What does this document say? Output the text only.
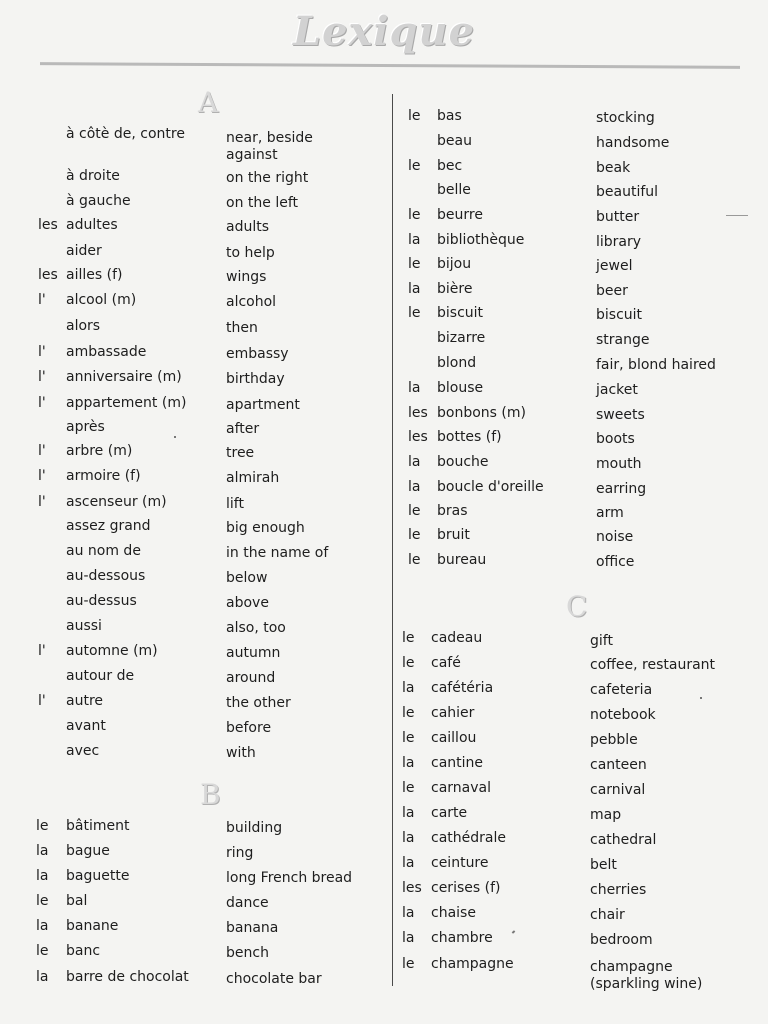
Lexique
A
à côtè de, contre	near, beside against
à droite	on the right
à gauche	on the left
les adultes	adults
aider	to help
les ailles (f)	wings
l' alcool (m)	alcohol
alors	then
l' ambassade	embassy
l' anniversaire (m)	birthday
l' appartement (m)	apartment
après	after
l' arbre (m)	tree
l' armoire (f)	almirah
l' ascenseur (m)	lift
assez grand	big enough
au nom de	in the name of
au-dessous	below
au-dessus	above
aussi	also, too
l' automne (m)	autumn
autour de	around
l' autre	the other
avant	before
avec	with
B
le bâtiment	building
la bague	ring
la baguette	long French bread
le bal	dance
la banane	banana
le banc	bench
la barre de chocolat	chocolate bar
le bas	stocking
beau	handsome
le bec	beak
belle	beautiful
le beurre	butter
la bibliothèque	library
le bijou	jewel
la bière	beer
le biscuit	biscuit
bizarre	strange
blond	fair, blond haired
la blouse	jacket
les bonbons (m)	sweets
les bottes (f)	boots
la bouche	mouth
la boucle d'oreille	earring
le bras	arm
le bruit	noise
le bureau	office
C
le cadeau	gift
le café	coffee, restaurant
la cafétéria	cafeteria
le cahier	notebook
le caillou	pebble
la cantine	canteen
le carnaval	carnival
la carte	map
la cathédrale	cathedral
la ceinture	belt
les cerises (f)	cherries
la chaise	chair
la chambre	bedroom
le champagne	champagne (sparkling wine)
